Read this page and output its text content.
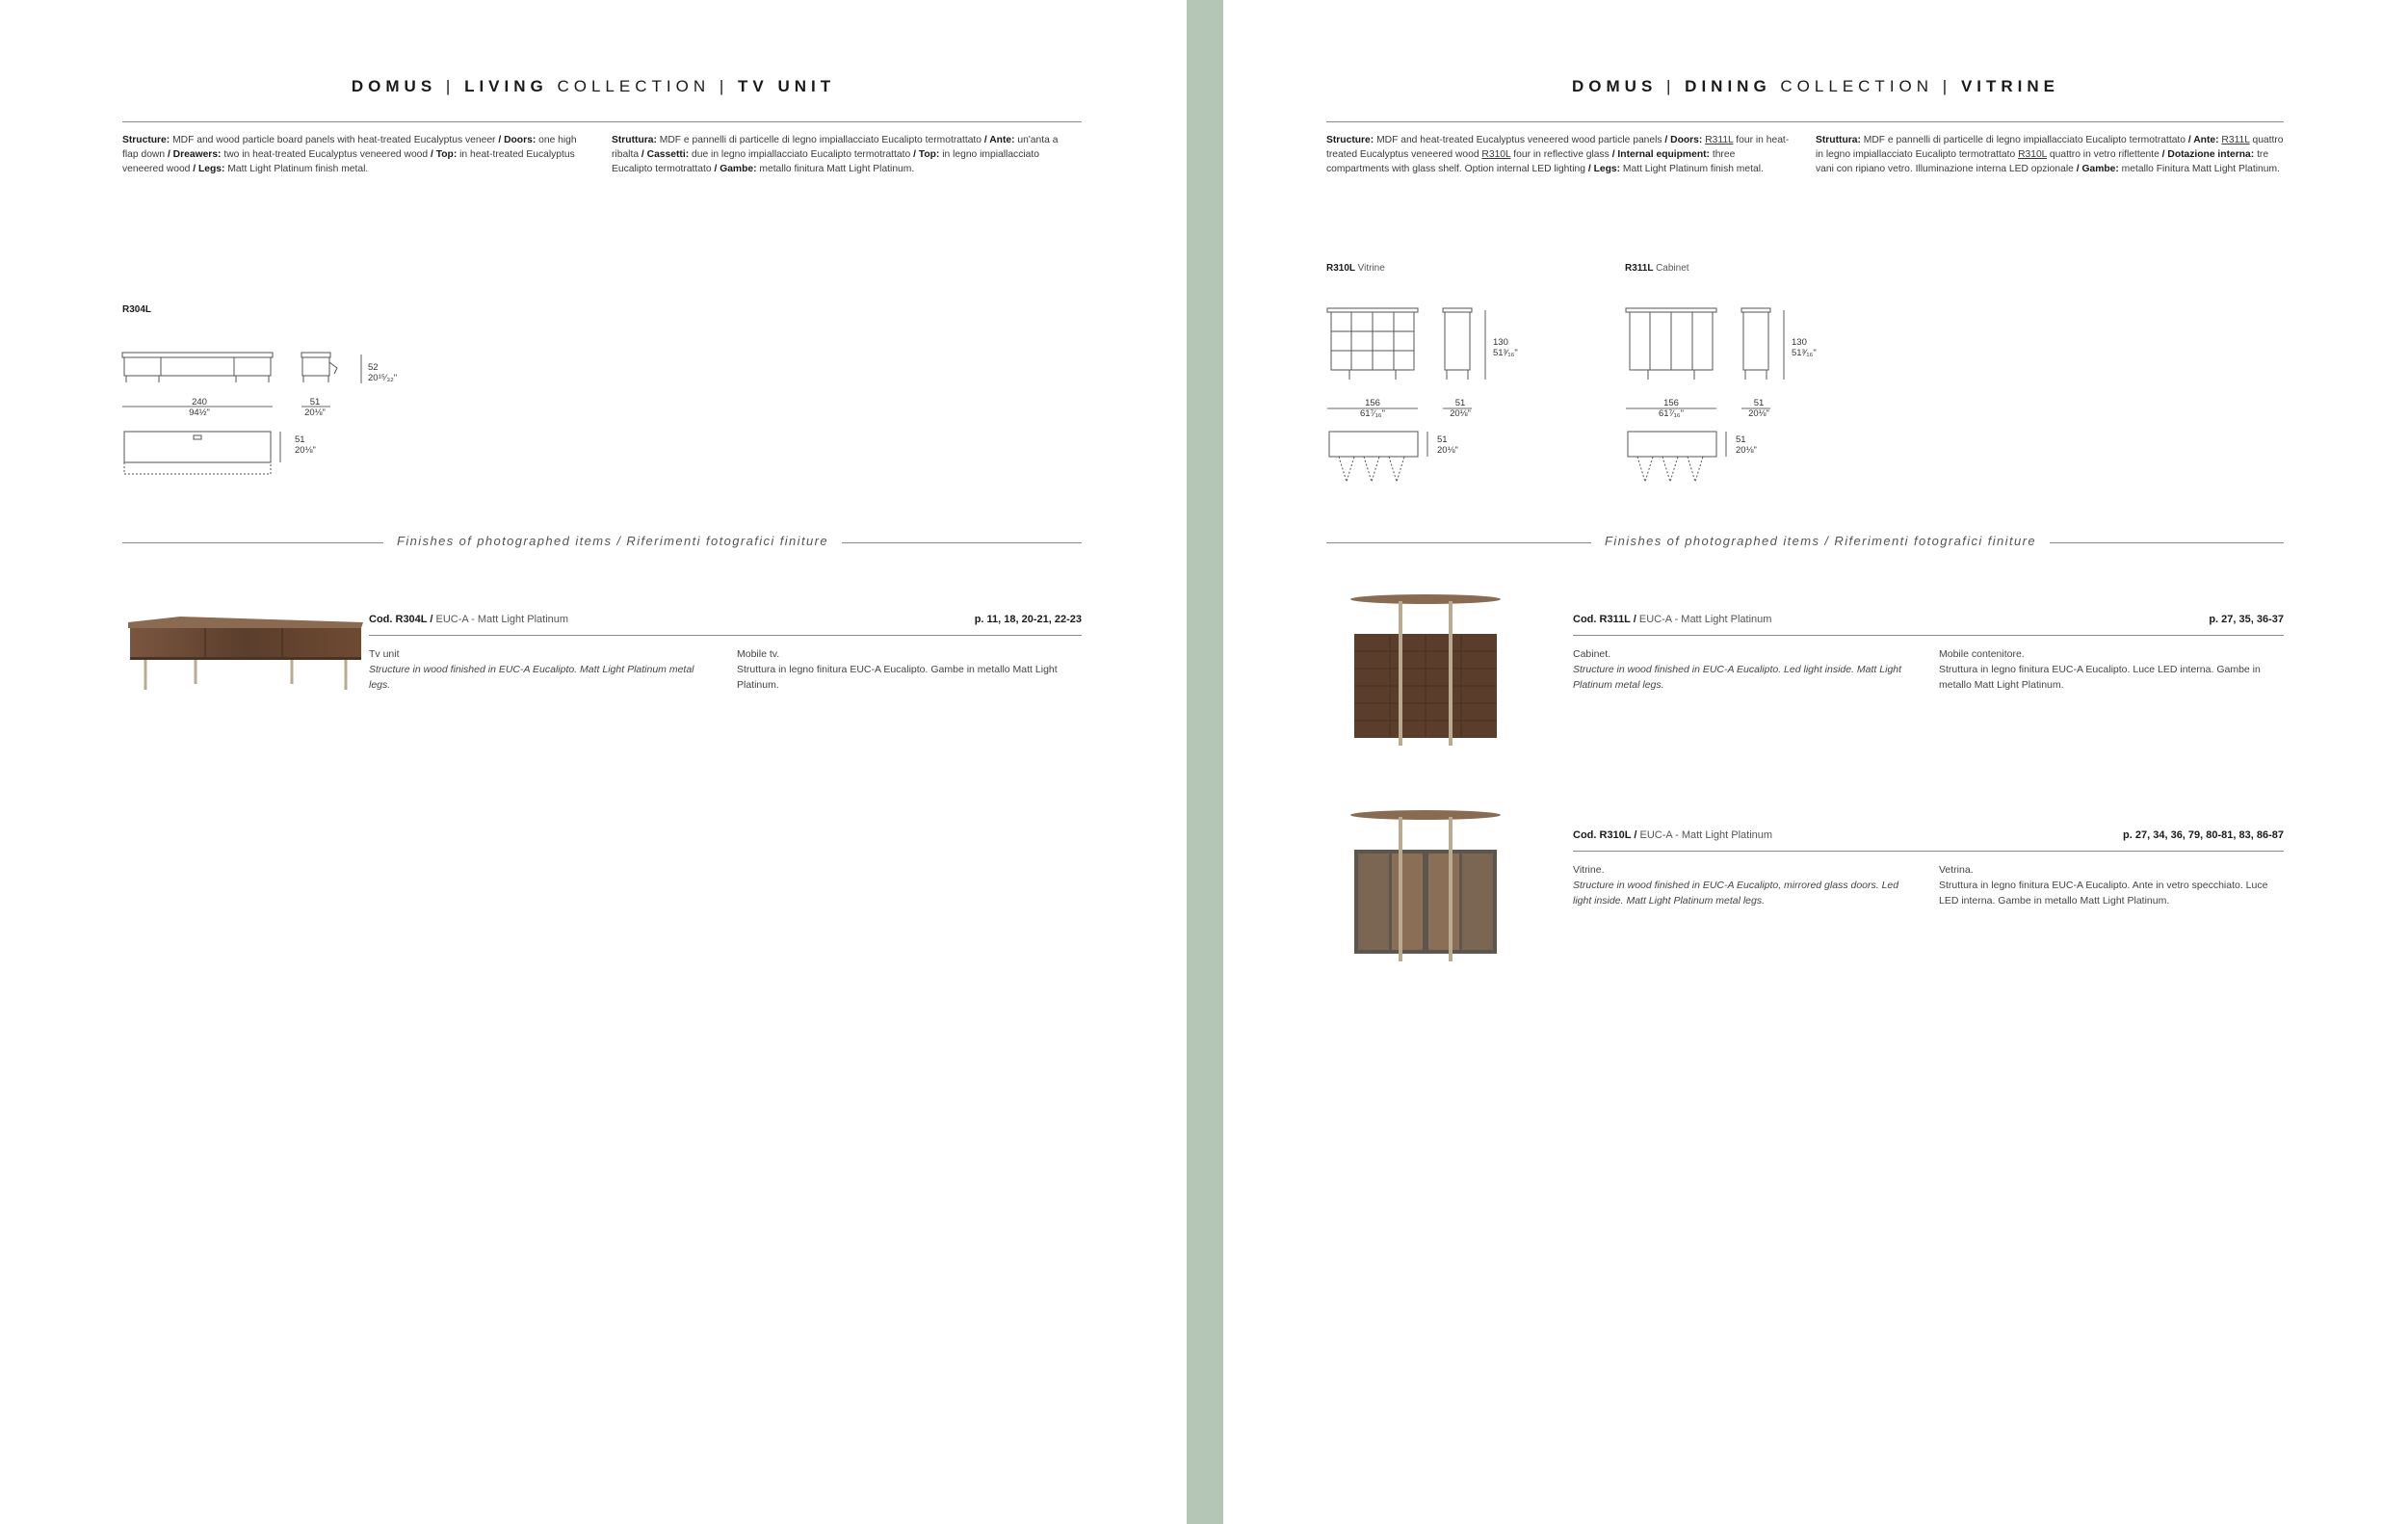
DOMUS | LIVING COLLECTION | TV UNIT
Structure: MDF and wood particle board panels with heat-treated Eucalyptus veneer / Doors: one high flap down / Dreawers: two in heat-treated Eucalyptus veneered wood / Top: in heat-treated Eucalyptus veneered wood / Legs: Matt Light Platinum finish metal.
Struttura: MDF e pannelli di particelle di legno impiallacciato Eucalipto termotrattato / Ante: un'anta a ribalta / Cassetti: due in legno impiallacciato Eucalipto termotrattato / Top: in legno impiallacciato Eucalipto termotrattato / Gambe: metallo finitura Matt Light Platinum.
R304L
240
94½"
51
20⅛"
52
20¹⁵⁄₃₂"
51
20⅛"
Finishes of photographed items / Riferimenti fotografici finiture
Cod. R304L / EUC-A - Matt Light Platinum	p. 11, 18, 20-21, 22-23
Tv unit
Structure in wood finished in EUC-A Eucalipto. Matt Light Platinum metal legs.
Mobile tv.
Struttura in legno finitura EUC-A Eucalipto. Gambe in metallo Matt Light Platinum.
DOMUS | DINING COLLECTION | VITRINE
Structure: MDF and heat-treated Eucalyptus veneered wood particle panels / Doors: R311L four in heat-treated Eucalyptus veneered wood R310L four in reflective glass / Internal equipment: three compartments with glass shelf. Option internal LED lighting / Legs: Matt Light Platinum finish metal.
Struttura: MDF e pannelli di particelle di legno impiallacciato Eucalipto termotrattato / Ante: R311L quattro in legno impiallacciato Eucalipto termotrattato R310L quattro in vetro riflettente / Dotazione interna: tre vani con ripiano vetro. Illuminazione interna LED opzionale / Gambe: metallo Finitura Matt Light Platinum.
R310L Vitrine	R311L Cabinet
156
61⁷⁄₁₆"
51
20⅛"
130
51³⁄₁₆"
51
20⅛"
156
61⁷⁄₁₆"
51
20⅛"
130
51³⁄₁₆"
51
20⅛"
Finishes of photographed items / Riferimenti fotografici finiture
Cod. R311L / EUC-A - Matt Light Platinum	p. 27, 35, 36-37
Cabinet.
Structure in wood finished in EUC-A Eucalipto. Led light inside. Matt Light Platinum metal legs.
Mobile contenitore.
Struttura in legno finitura EUC-A Eucalipto. Luce LED interna. Gambe in metallo Matt Light Platinum.
Cod. R310L / EUC-A - Matt Light Platinum	p. 27, 34, 36, 79, 80-81, 83, 86-87
Vitrine.
Structure in wood finished in EUC-A Eucalipto, mirrored glass doors. Led light inside. Matt Light Platinum metal legs.
Vetrina.
Struttura in legno finitura EUC-A Eucalipto. Ante in vetro specchiato. Luce LED interna. Gambe in metallo Matt Light Platinum.
